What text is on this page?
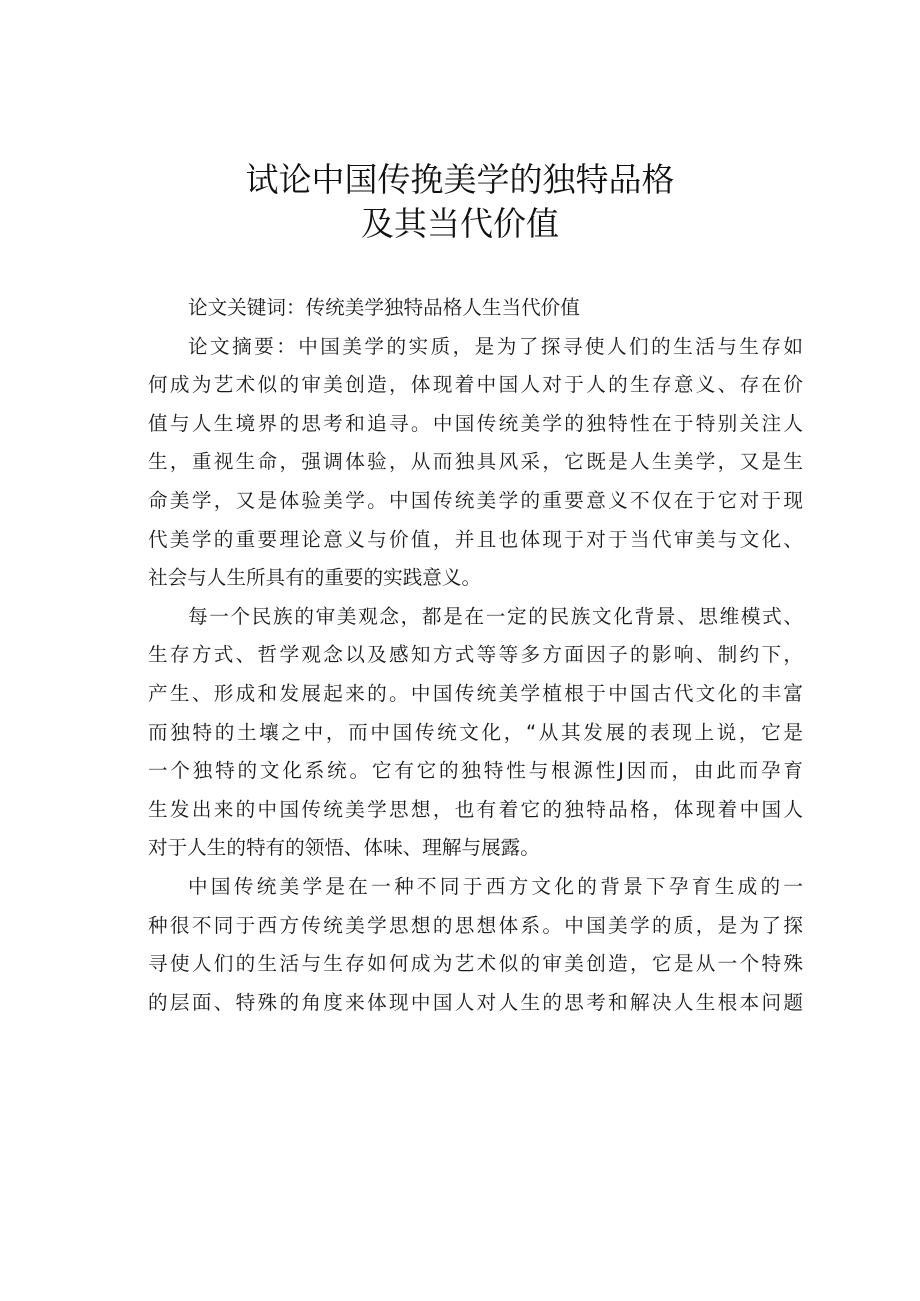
试论中国传挽美学的独特品格
及其当代价值
论文关键词：传统美学独特品格人生当代价值
论文摘要：中国美学的实质，是为了探寻使人们的生活与生存如
何成为艺术似的审美创造，体现着中国人对于人的生存意义、存在价
值与人生境界的思考和追寻。中国传统美学的独特性在于特别关注人
生，重视生命，强调体验，从而独具风采，它既是人生美学，又是生
命美学，又是体验美学。中国传统美学的重要意义不仅在于它对于现
代美学的重要理论意义与价值，并且也体现于对于当代审美与文化、
社会与人生所具有的重要的实践意义。
每一个民族的审美观念，都是在一定的民族文化背景、思维模式、
生存方式、哲学观念以及感知方式等等多方面因子的影响、制约下，
产生、形成和发展起来的。中国传统美学植根于中国古代文化的丰富
而独特的土壤之中，而中国传统文化，“从其发展的表现上说，它是
一个独特的文化系统。它有它的独特性与根源性J因而，由此而孕育
生发出来的中国传统美学思想，也有着它的独特品格，体现着中国人
对于人生的特有的领悟、体味、理解与展露。
中国传统美学是在一种不同于西方文化的背景下孕育生成的一
种很不同于西方传统美学思想的思想体系。中国美学的质，是为了探
寻使人们的生活与生存如何成为艺术似的审美创造，它是从一个特殊
的层面、特殊的角度来体现中国人对人生的思考和解决人生根本问题
